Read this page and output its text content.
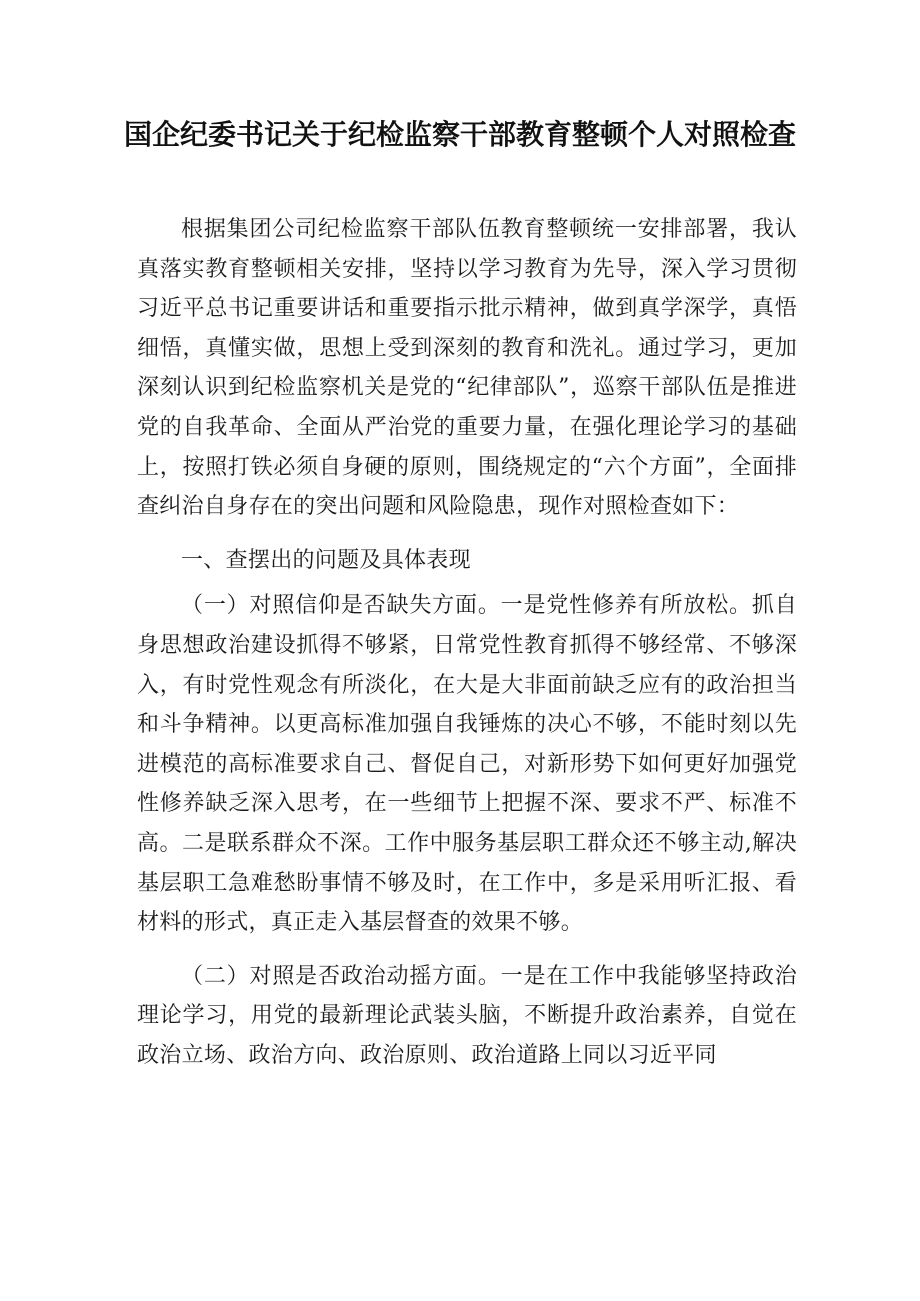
国企纪委书记关于纪检监察干部教育整顿个人对照检查

根据集团公司纪检监察干部队伍教育整顿统一安排部署，我认真落实教育整顿相关安排，坚持以学习教育为先导，深入学习贯彻习近平总书记重要讲话和重要指示批示精神，做到真学深学，真悟细悟，真懂实做，思想上受到深刻的教育和洗礼。通过学习，更加深刻认识到纪检监察机关是党的“纪律部队”，巡察干部队伍是推进党的自我革命、全面从严治党的重要力量，在强化理论学习的基础上，按照打铁必须自身硬的原则，围绕规定的“六个方面”，全面排查纠治自身存在的突出问题和风险隐患，现作对照检查如下：

一、查摆出的问题及具体表现

（一）对照信仰是否缺失方面。一是党性修养有所放松。抓自身思想政治建设抓得不够紧，日常党性教育抓得不够经常、不够深入，有时党性观念有所淡化，在大是大非面前缺乏应有的政治担当和斗争精神。以更高标准加强自我锤炼的决心不够，不能时刻以先进模范的高标准要求自己、督促自己，对新形势下如何更好加强党性修养缺乏深入思考，在一些细节上把握不深、要求不严、标准不高。二是联系群众不深。工作中服务基层职工群众还不够主动,解决基层职工急难愁盼事情不够及时，在工作中，多是采用听汇报、看材料的形式，真正走入基层督查的效果不够。

（二）对照是否政治动摇方面。一是在工作中我能够坚持政治理论学习，用党的最新理论武装头脑，不断提升政治素养，自觉在政治立场、政治方向、政治原则、政治道路上同以习近平同
